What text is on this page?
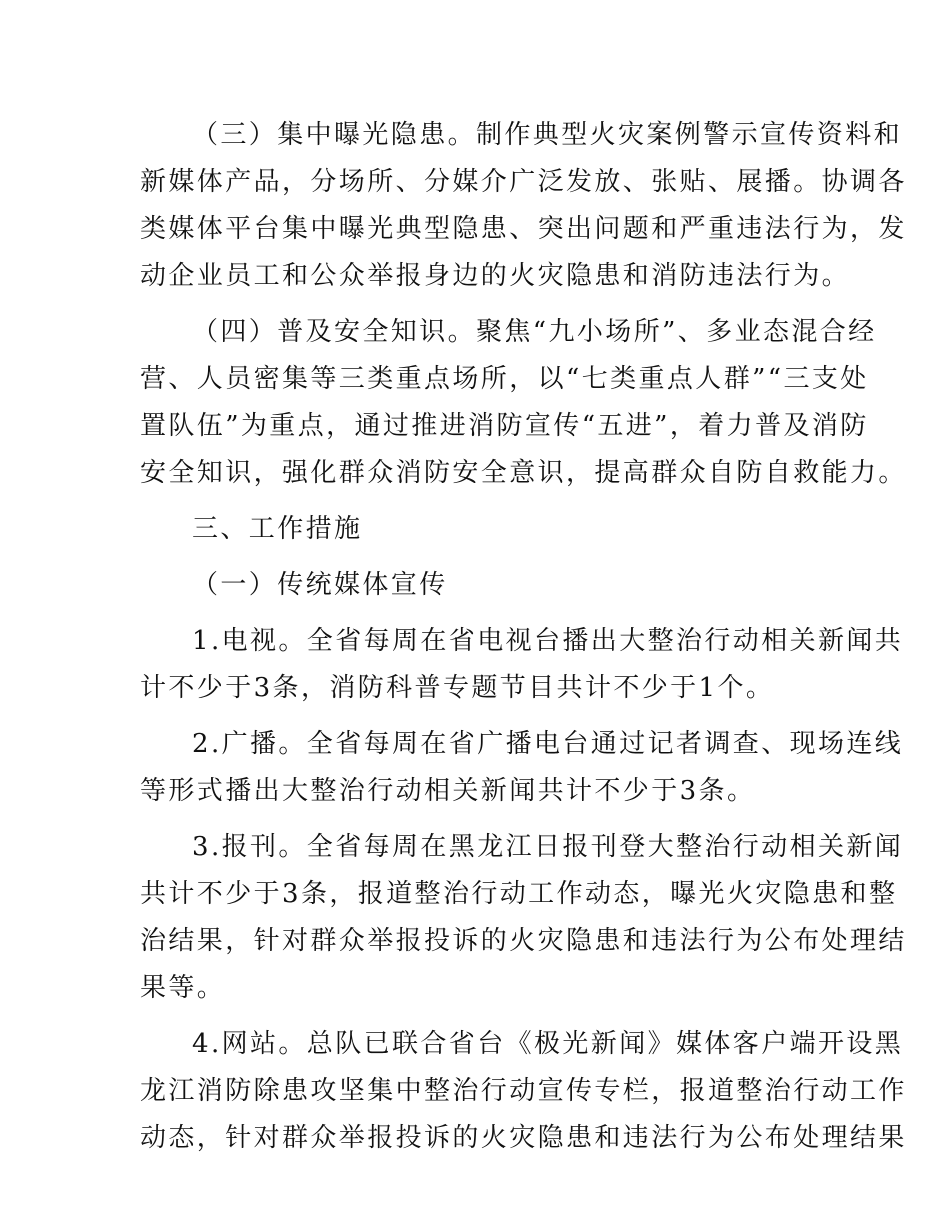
（三）集中曝光隐患。制作典型火灾案例警示宣传资料和
新媒体产品，分场所、分媒介广泛发放、张贴、展播。协调各
类媒体平台集中曝光典型隐患、突出问题和严重违法行为，发
动企业员工和公众举报身边的火灾隐患和消防违法行为。
（四）普及安全知识。聚焦“九小场所”、多业态混合经
营、人员密集等三类重点场所，以“七类重点人群”“三支处
置队伍”为重点，通过推进消防宣传“五进”，着力普及消防
安全知识，强化群众消防安全意识，提高群众自防自救能力。
三、工作措施
（一）传统媒体宣传
1.电视。全省每周在省电视台播出大整治行动相关新闻共
计不少于3条，消防科普专题节目共计不少于1个。
2.广播。全省每周在省广播电台通过记者调查、现场连线
等形式播出大整治行动相关新闻共计不少于3条。
3.报刊。全省每周在黑龙江日报刊登大整治行动相关新闻
共计不少于3条，报道整治行动工作动态，曝光火灾隐患和整
治结果，针对群众举报投诉的火灾隐患和违法行为公布处理结
果等。
4.网站。总队已联合省台《极光新闻》媒体客户端开设黑
龙江消防除患攻坚集中整治行动宣传专栏，报道整治行动工作
动态，针对群众举报投诉的火灾隐患和违法行为公布处理结果
